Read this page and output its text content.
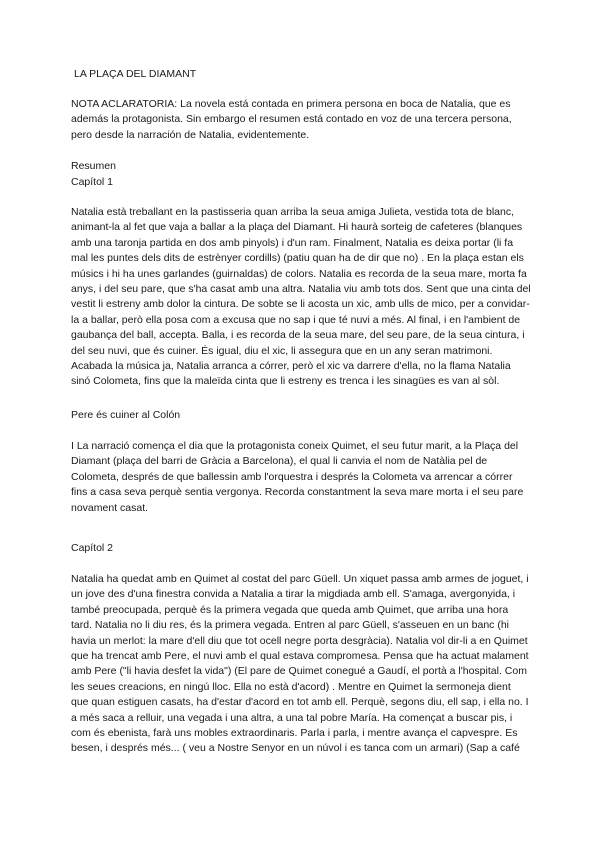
LA PLAÇA DEL DIAMANT

NOTA ACLARATORIA: La novela está contada en primera persona en boca de Natalia, que es además la protagonista. Sin embargo el resumen está contado en voz de una tercera persona, pero desde la narración de Natalia, evidentemente.

Resumen

Capítol 1

Natalia està treballant en la pastisseria quan arriba la seua amiga Julieta, vestida tota de blanc, animant-la al fet que vaja a ballar a la plaça del Diamant. Hi haurà sorteig de cafeteres (blanques amb una taronja partida en dos amb pinyols) i d'un ram. Finalment, Natalia es deixa portar (li fa mal les puntes dels dits de estrènyer cordills) (patiu quan ha de dir que no) . En la plaça estan els músics i hi ha unes garlandes (guirnaldas) de colors. Natalia es recorda de la seua mare, morta fa anys, i del seu pare, que s'ha casat amb una altra. Natalia viu amb tots dos. Sent que una cinta del vestit li estreny amb dolor la cintura. De sobte se li acosta un xic, amb ulls de mico, per a convidar-la a ballar, però ella posa com a excusa que no sap i que té nuvi a més. Al final, i en l'ambient de gaubança del ball, accepta. Balla, i es recorda de la seua mare, del seu pare, de la seua cintura, i del seu nuvi, que és cuiner. És igual, diu el xic, li assegura que en un any seran matrimoni. Acabada la música ja, Natalia arranca a córrer, però el xic va darrere d'ella, no la flama Natalia sinó Colometa, fins que la maleïda cinta que li estreny es trenca i les sinagües es van al sòl.

Pere és cuiner al Colón

I La narració comença el dia que la protagonista coneix Quimet, el seu futur marit, a la Plaça del Diamant (plaça del barri de Gràcia a Barcelona), el qual li canvia el nom de Natàlia pel de Colometa, després de que ballessin amb l'orquestra i després la Colometa va arrencar a córrer fins a casa seva perquè sentia vergonya. Recorda constantment la seva mare morta i el seu pare novament casat.

Capítol 2

Natalia ha quedat amb en Quimet al costat del parc Güell. Un xiquet passa amb armes de joguet, i un jove des d'una finestra convida a Natalia a tirar la migdiada amb ell. S'amaga, avergonyida, i també preocupada, perquè és la primera vegada que queda amb Quimet, que arriba una hora tard. Natalia no li diu res, és la primera vegada. Entren al parc Güell, s'asseuen en un banc (hi havia un merlot: la mare d'ell diu que tot ocell negre porta desgràcia). Natalia vol dir-li a en Quimet que ha trencat amb Pere, el nuvi amb el qual estava compromesa. Pensa que ha actuat malament amb Pere ("li havia desfet la vida") (El pare de Quimet conegué a Gaudí, el portà a l'hospital. Com les seues creacions, en ningú lloc. Ella no està d'acord) . Mentre en Quimet la sermoneja dient que quan estiguen casats, ha d'estar d'acord en tot amb ell. Perquè, segons diu, ell sap, i ella no. I a més saca a relluir, una vegada i una altra, a una tal pobre María. Ha començat a buscar pis, i com és ebenista, farà uns mobles extraordinaris. Parla i parla, i mentre avança el capvespre. Es besen, i després més... ( veu a Nostre Senyor en un núvol i es tanca com un armari) (Sap a café
